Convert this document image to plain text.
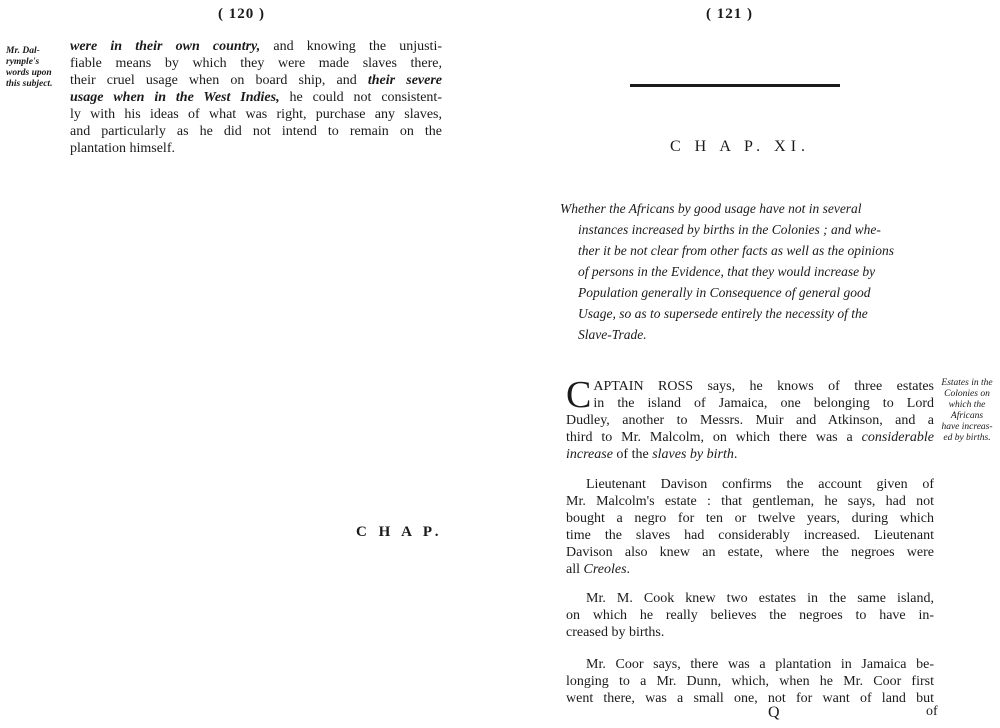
( 120 )
Mr. Dal-
rymple's
words upon
this subject.
were in their own country, and knowing the unjusti-
fiable means by which they were made slaves there,
their cruel usage when on board ship, and their severe
usage when in the West Indies, he could not consistent-
ly with his ideas of what was right, purchase any slaves,
and particularly as he did not intend to remain on the
plantation himself.
C H A P.
( 121 )
C H A P. XI.
Whether the Africans by good usage have not in several
instances increased by births in the Colonies ; and whe-
ther it be not clear from other facts as well as the opinions
of persons in the Evidence, that they would increase by
Population generally in Consequence of general good
Usage, so as to supersede entirely the necessity of the
Slave-Trade.
Estates in the
Colonies on
which the
Africans
have increas-
ed by births.
C APTAIN ROSS says, he knows of three estates
in the island of Jamaica, one belonging to Lord
Dudley, another to Messrs. Muir and Atkinson, and a
third to Mr. Malcolm, on which there was a considerable
increase of the slaves by birth.
Lieutenant Davison confirms the account given of
Mr. Malcolm's estate : that gentleman, he says, had not
bought a negro for ten or twelve years, during which
time the slaves had considerably increased. Lieutenant
Davison also knew an estate, where the negroes were
all Creoles.
Mr. M. Cook knew two estates in the same island,
on which he really believes the negroes to have in-
creased by births.
Mr. Coor says, there was a plantation in Jamaica be-
longing to a Mr. Dunn, which, when he Mr. Coor first
went there, was a small one, not for want of land but
Q	of
